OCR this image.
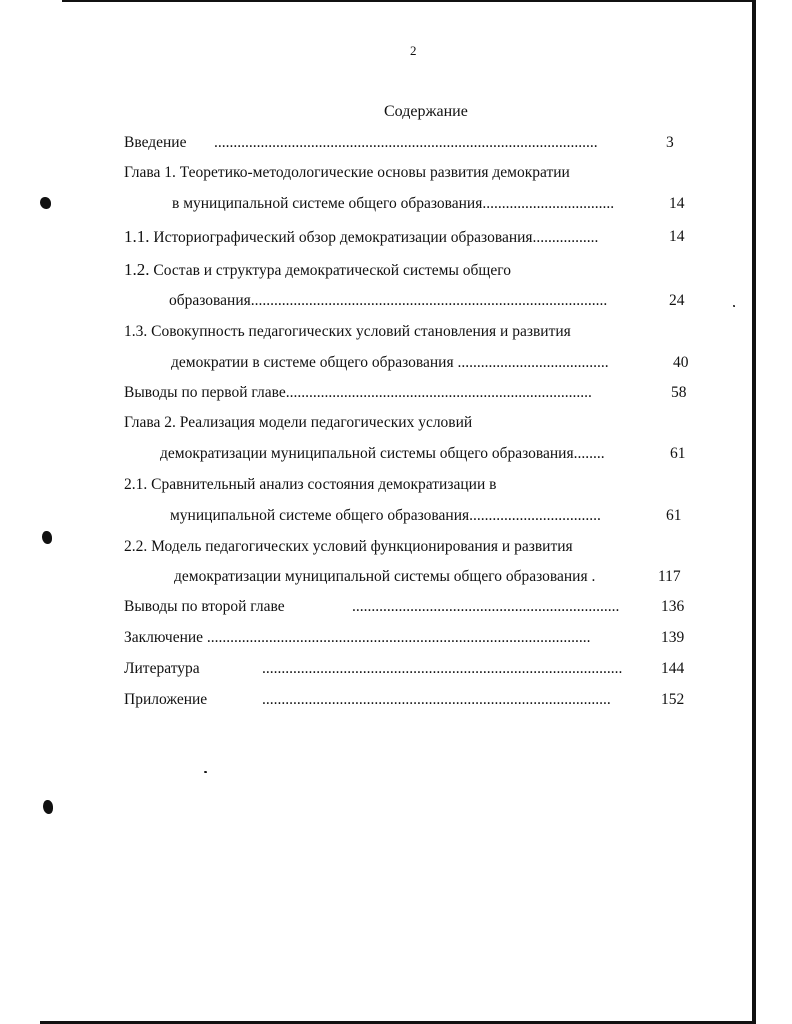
2
Содержание
Введение ...................................................................................................	3
Глава 1. Теоретико-методологические основы развития демократии
в муниципальной системе общего образования..................................	14
1.1. Историографический обзор демократизации образования.................	14
1.2. Состав и структура демократической системы общего
образования............................................................................................	24
1.3. Совокупность педагогических условий становления и развития
демократии в системе общего образования .......................................	40
Выводы по первой главе...............................................................................	58
Глава 2. Реализация модели педагогических условий
демократизации муниципальной системы общего образования........	61
2.1. Сравнительный анализ состояния демократизации в
муниципальной системе общего образования..................................	61
2.2. Модель педагогических условий функционирования и развития
демократизации муниципальной системы общего образования .	117
Выводы по второй главе	.....................................................................	136
Заключение ...................................................................................................	139
Литература	............................................................................................. 144
Приложение	..........................................................................................	152
